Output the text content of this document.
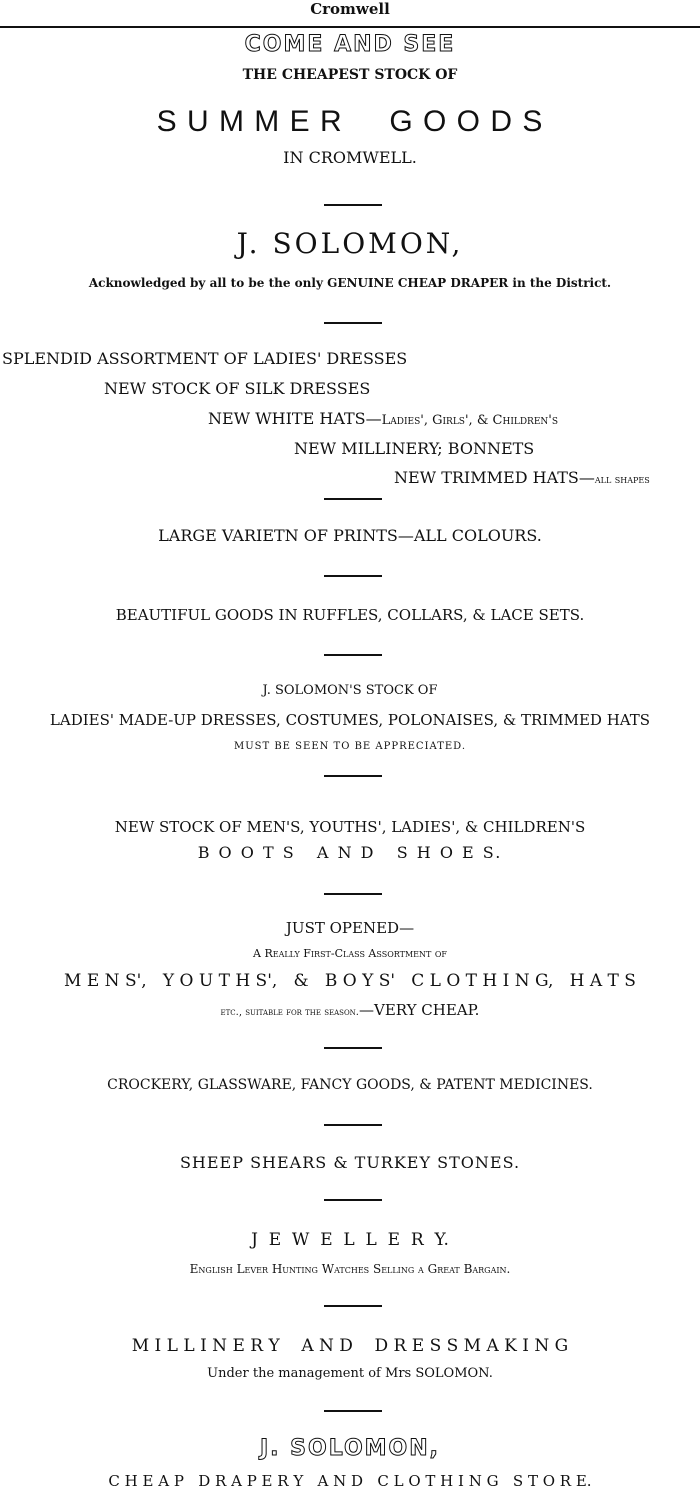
Cromwell
COME AND SEE
THE CHEAPEST STOCK OF
S U M M E R     G O O D S
IN CROMWELL.
J. SOLOMON,
Acknowledged by all to be the only GENUINE CHEAP DRAPER in the District.
SPLENDID ASSORTMENT OF LADIES' DRESSES
NEW STOCK OF SILK DRESSES
NEW WHITE HATS—Ladies', Girls', & Children's
NEW MILLINERY; BONNETS
NEW TRIMMED HATS—all shapes
LARGE VARIETN OF PRINTS—ALL COLOURS.
BEAUTIFUL GOODS IN RUFFLES, COLLARS, & LACE SETS.
J. SOLOMON'S STOCK OF
LADIES' MADE-UP DRESSES, COSTUMES, POLONAISES, & TRIMMED HATS
MUST BE SEEN TO BE APPRECIATED.
NEW STOCK OF MEN'S, YOUTHS', LADIES', & CHILDREN'S
B O O T S   A N D   S H O E S.
JUST OPENED—
A Really First-Class Assortment of
M E N S',   Y O U T H S',   &   B O Y S'   C L O T H I N G,   H A T S
etc., suitable for the season.—VERY CHEAP.
CROCKERY, GLASSWARE, FANCY GOODS, & PATENT MEDICINES.
SHEEP SHEARS & TURKEY STONES.
J  E  W  E  L  L  E  R  Y.
English Lever Hunting Watches Selling a Great Bargain.
M I L L I N E R Y    A N D    D R E S S M A K I N G
Under the management of Mrs SOLOMON.
J. SOLOMON,
C H E A P   D R A P E R Y   A N D   C L O T H I N G   S T O R E.
